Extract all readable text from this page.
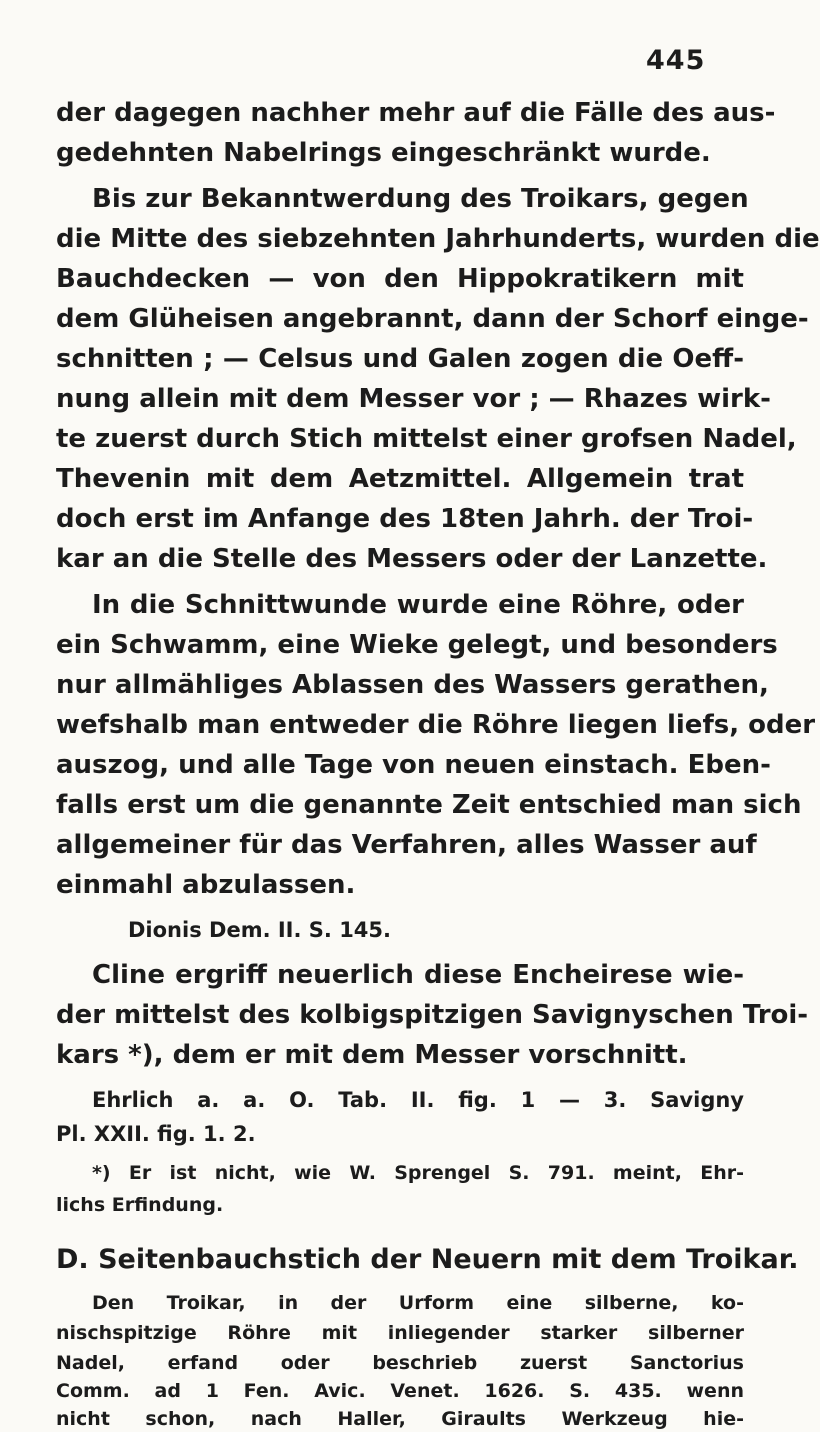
445
der dagegen nachher mehr auf die Fälle des aus-
gedehnten Nabelrings eingeschränkt wurde.
Bis zur Bekanntwerdung des Troikars, gegen
die Mitte des siebzehnten Jahrhunderts, wurden die
Bauchdecken — von den Hippokratikern mit
dem Glüheisen angebrannt, dann der Schorf einge-
schnitten ; — Celsus und Galen zogen die Oeff-
nung allein mit dem Messer vor ; — Rhazes wirk-
te zuerst durch Stich mittelst einer grofsen Nadel,
Thevenin mit dem Aetzmittel. Allgemein trat
doch erst im Anfange des 18ten Jahrh. der Troi-
kar an die Stelle des Messers oder der Lanzette.
In die Schnittwunde wurde eine Röhre, oder
ein Schwamm, eine Wieke gelegt, und besonders
nur allmähliges Ablassen des Wassers gerathen,
wefshalb man entweder die Röhre liegen liefs, oder
auszog, und alle Tage von neuen einstach. Eben-
falls erst um die genannte Zeit entschied man sich
allgemeiner für das Verfahren, alles Wasser auf
einmahl abzulassen.
Dionis Dem. II. S. 145.
Cline ergriff neuerlich diese Encheirese wie-
der mittelst des kolbigspitzigen Savignyschen Troi-
kars *), dem er mit dem Messer vorschnitt.
Ehrlich a. a. O. Tab. II. fig. 1 — 3. Savigny
Pl. XXII. fig. 1. 2.
*) Er ist nicht, wie W. Sprengel S. 791. meint, Ehr-
lichs Erfindung.
D. Seitenbauchstich der Neuern mit dem Troikar.
Den Troikar, in der Urform eine silberne, ko-
nischspitzige Röhre mit inliegender starker silberner
Nadel, erfand oder beschrieb zuerst Sanctorius
Comm. ad 1 Fen. Avic. Venet. 1626. S. 435. wenn
nicht schon, nach Haller, Giraults Werkzeug hie-
